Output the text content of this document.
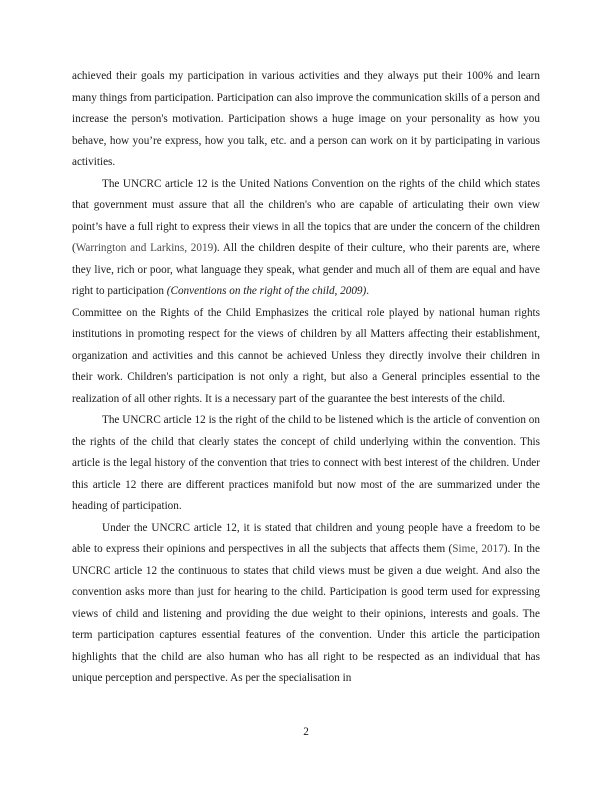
achieved their goals my participation in various activities and they always put their 100% and learn many things from participation. Participation can also improve the communication skills of a person and increase the person's motivation. Participation shows a huge image on your personality as how you behave, how you’re express, how you talk, etc. and a person can work on it by participating in various activities.

The UNCRC article 12 is the United Nations Convention on the rights of the child which states that government must assure that all the children's who are capable of articulating their own view point’s have a full right to express their views in all the topics that are under the concern of the children (Warrington and Larkins, 2019). All the children despite of their culture, who their parents are, where they live, rich or poor, what language they speak, what gender and much all of them are equal and have right to participation (Conventions on the right of the child, 2009).

Committee on the Rights of the Child Emphasizes the critical role played by national human rights institutions in promoting respect for the views of children by all Matters affecting their establishment, organization and activities and this cannot be achieved Unless they directly involve their children in their work. Children's participation is not only a right, but also a General principles essential to the realization of all other rights. It is a necessary part of the guarantee the best interests of the child.

The UNCRC article 12 is the right of the child to be listened which is the article of convention on the rights of the child that clearly states the concept of child underlying within the convention. This article is the legal history of the convention that tries to connect with best interest of the children. Under this article 12 there are different practices manifold but now most of the are summarized under the heading of participation.

Under the UNCRC article 12, it is stated that children and young people have a freedom to be able to express their opinions and perspectives in all the subjects that affects them (Sime, 2017). In the UNCRC article 12 the continuous to states that child views must be given a due weight. And also the convention asks more than just for hearing to the child. Participation is good term used for expressing views of child and listening and providing the due weight to their opinions, interests and goals. The term participation captures essential features of the convention. Under this article the participation highlights that the child are also human who has all right to be respected as an individual that has unique perception and perspective. As per the specialisation in

2
